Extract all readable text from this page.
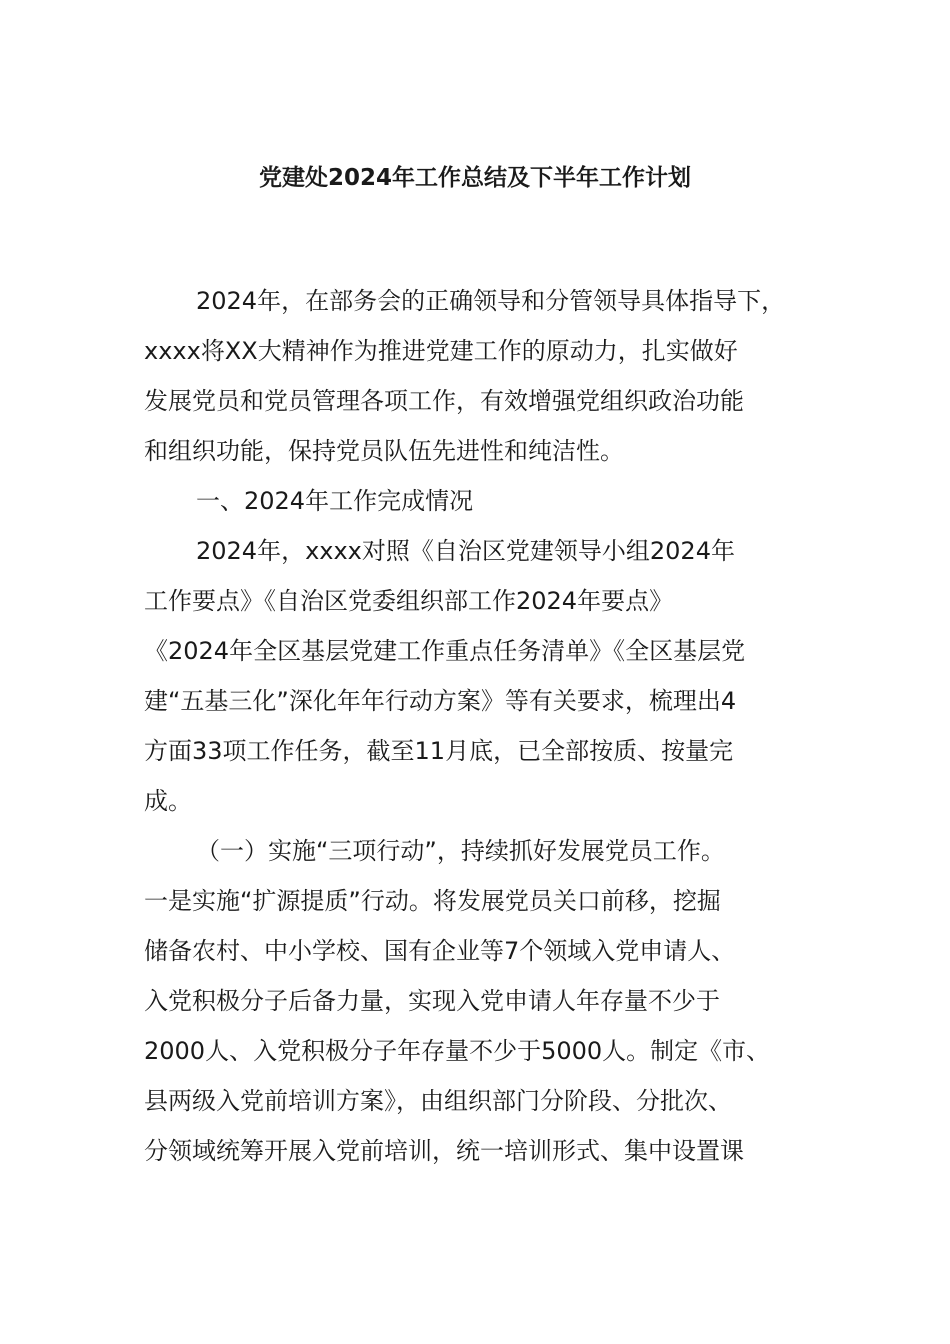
党建处2024年工作总结及下半年工作计划
2024年，在部务会的正确领导和分管领导具体指导下，
xxxx将XX大精神作为推进党建工作的原动力，扎实做好
发展党员和党员管理各项工作，有效增强党组织政治功能
和组织功能，保持党员队伍先进性和纯洁性。
一、2024年工作完成情况
2024年，xxxx对照《自治区党建领导小组2024年
工作要点》《自治区党委组织部工作2024年要点》
《2024年全区基层党建工作重点任务清单》《全区基层党
建“五基三化”深化年年行动方案》等有关要求，梳理出4
方面33项工作任务，截至11月底，已全部按质、按量完
成。
（一）实施“三项行动”，持续抓好发展党员工作。
一是实施“扩源提质”行动。将发展党员关口前移，挖掘
储备农村、中小学校、国有企业等7个领域入党申请人、
入党积极分子后备力量，实现入党申请人年存量不少于
2000人、入党积极分子年存量不少于5000人。制定《市、
县两级入党前培训方案》，由组织部门分阶段、分批次、
分领域统筹开展入党前培训，统一培训形式、集中设置课
